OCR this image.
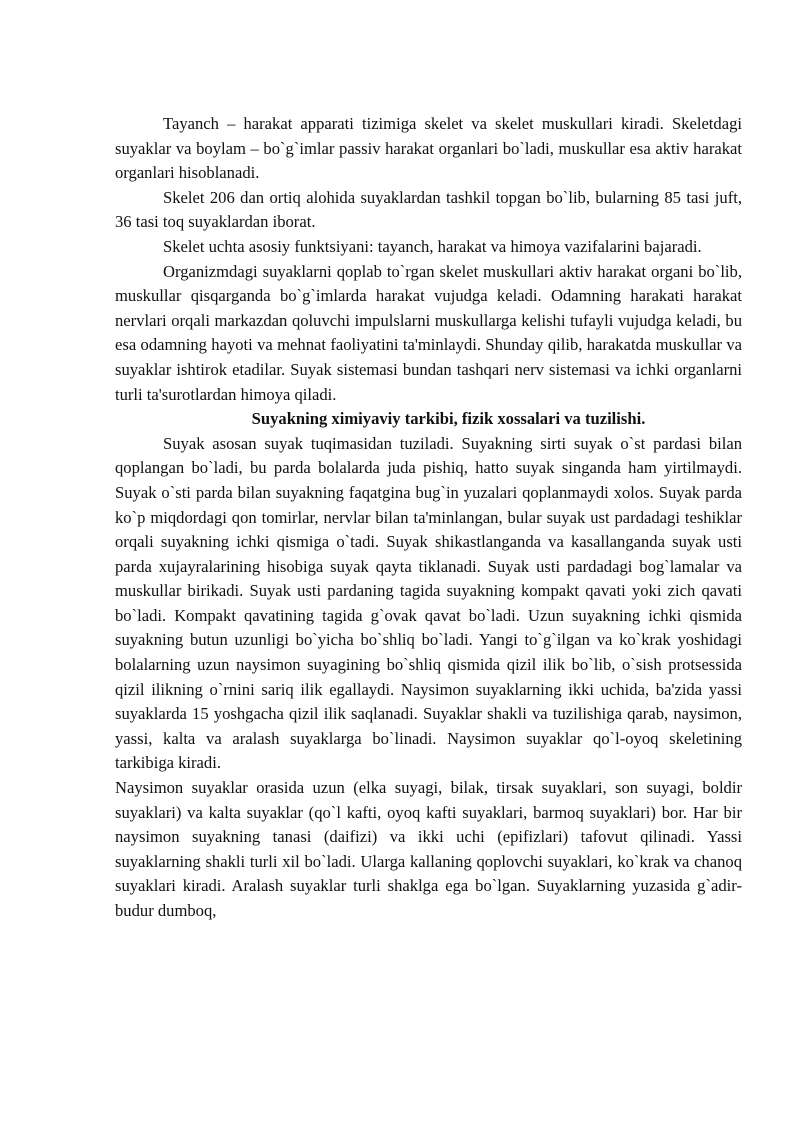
Tayanch – harakat apparati tizimiga skelet va skelet muskullari kiradi. Skeletdagi suyaklar va boylam – bo`g`imlar passiv harakat organlari bo`ladi, muskullar esa aktiv harakat organlari hisoblanadi.

Skelet 206 dan ortiq alohida suyaklardan tashkil topgan bo`lib, bularning 85 tasi juft, 36 tasi toq suyaklardan iborat.

Skelet uchta asosiy funktsiyani: tayanch, harakat va himoya vazifalarini bajaradi.

Organizmdagi suyaklarni qoplab to`rgan skelet muskullari aktiv harakat organi bo`lib, muskullar qisqarganda bo`g`imlarda harakat vujudga keladi. Odamning harakati harakat nervlari orqali markazdan qoluvchi impulslarni muskullarga kelishi tufayli vujudga keladi, bu esa odamning hayoti va mehnat faoliyatini ta'minlaydi. Shunday qilib, harakatda muskullar va suyaklar ishtirok etadilar. Suyak sistemasi bundan tashqari nerv sistemasi va ichki organlarni turli ta'surotlardan himoya qiladi.

Suyakning ximiyaviy tarkibi, fizik xossalari va tuzilishi.

Suyak asosan suyak tuqimasidan tuziladi. Suyakning sirti suyak o`st pardasi bilan qoplangan bo`ladi, bu parda bolalarda juda pishiq, hatto suyak singanda ham yirtilmaydi. Suyak o`sti parda bilan suyakning faqatgina bug`in yuzalari qoplanmaydi xolos. Suyak parda ko`p miqdordagi qon tomirlar, nervlar bilan ta'minlangan, bular suyak ust pardadagi teshiklar orqali suyakning ichki qismiga o`tadi. Suyak shikastlanganda va kasallanganda suyak usti parda xujayralarining hisobiga suyak qayta tiklanadi. Suyak usti pardadagi bog`lamalar va muskullar birikadi. Suyak usti pardaning tagida suyakning kompakt qavati yoki zich qavati bo`ladi. Kompakt qavatining tagida g`ovak qavat bo`ladi. Uzun suyakning ichki qismida suyakning butun uzunligi bo`yicha bo`shliq bo`ladi. Yangi to`g`ilgan va ko`krak yoshidagi bolalarning uzun naysimon suyagining bo`shliq qismida qizil ilik bo`lib, o`sish protsessida qizil ilikning o`rnini sariq ilik egallaydi. Naysimon suyaklarning ikki uchida, ba'zida yassi suyaklarda 15 yoshgacha qizil ilik saqlanadi. Suyaklar shakli va tuzilishiga qarab, naysimon, yassi, kalta va aralash suyaklarga bo`linadi. Naysimon suyaklar qo`l-oyoq skeletining tarkibiga kiradi.

Naysimon suyaklar orasida uzun (elka suyagi, bilak, tirsak suyaklari, son suyagi, boldir suyaklari) va kalta suyaklar (qo`l kafti, oyoq kafti suyaklari, barmoq suyaklari) bor. Har bir naysimon suyakning tanasi (daifizi) va ikki uchi (epifizlari) tafovut qilinadi. Yassi suyaklarning shakli turli xil bo`ladi. Ularga kallaning qoplovchi suyaklari, ko`krak va chanoq suyaklari kiradi. Aralash suyaklar turli shaklga ega bo`lgan. Suyaklarning yuzasida g`adir-budur dumboq,
